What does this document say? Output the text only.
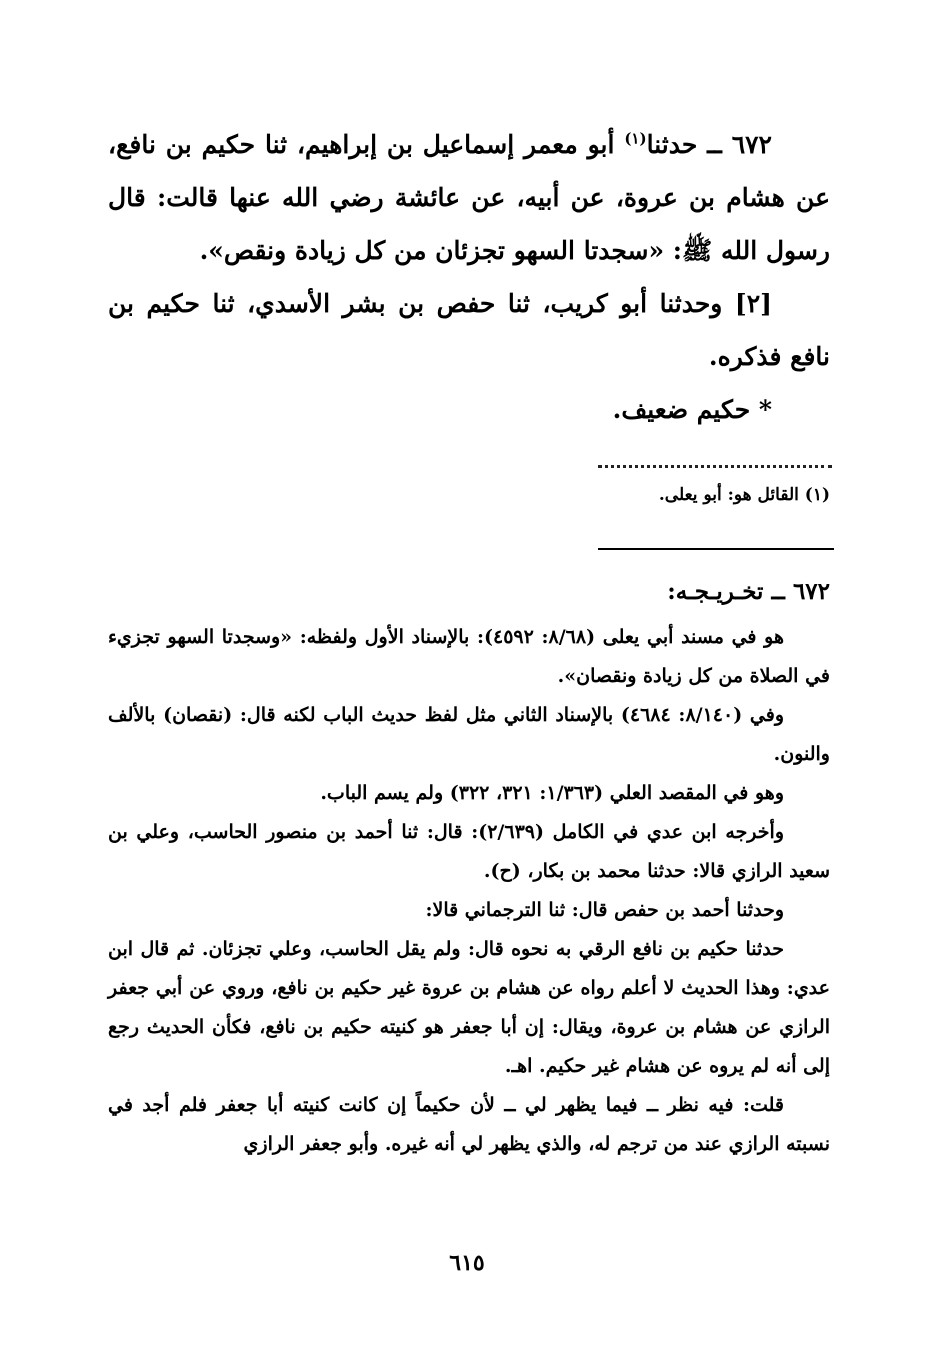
٦٧٢ ــ حدثنا$^{(١)}$ أبو معمر إسماعيل بن إبراهيم، ثنا حكيم بن نافع، عن هشام بن عروة، عن أبيه، عن عائشة رضي الله عنها قالت: قال رسول الله ﷺ: «سجدتا السهو تجزئان من كل زيادة ونقص».

[٢] وحدثنا أبو كريب، ثنا حفص بن بشر الأسدي، ثنا حكيم بن نافع فذكره.

* حكيم ضعيف.

(١) القائل هو: أبو يعلى.
٦٧٢ ــ تخـريـجـه:

هو في مسند أبي يعلى (٨/٦٨: ٤٥٩٢): بالإسناد الأول ولفظه: «وسجدتا السهو تجزيء في الصلاة من كل زيادة ونقصان».

وفي (٨/١٤٠: ٤٦٨٤) بالإسناد الثاني مثل لفظ حديث الباب لكنه قال: (نقصان) بالألف والنون.

وهو في المقصد العلي (١/٣٦٣: ٣٢١، ٣٢٢) ولم يسم الباب.

وأخرجه ابن عدي في الكامل (٢/٦٣٩): قال: ثنا أحمد بن منصور الحاسب، وعلي بن سعيد الرازي قالا: حدثنا محمد بن بكار، (ح).

وحدثنا أحمد بن حفص قال: ثنا الترجماني قالا:

حدثنا حكيم بن نافع الرقي به نحوه قال: ولم يقل الحاسب، وعلي تجزئان. ثم قال ابن عدي: وهذا الحديث لا أعلم رواه عن هشام بن عروة غير حكيم بن نافع، وروي عن أبي جعفر الرازي عن هشام بن عروة، ويقال: إن أبا جعفر هو كنيته حكيم بن نافع، فكأن الحديث رجع إلى أنه لم يروه عن هشام غير حكيم. اهـ.

قلت: فيه نظر ــ فيما يظهر لي ــ لأن حكيماً إن كانت كنيته أبا جعفر فلم أجد في نسبته الرازي عند من ترجم له، والذي يظهر لي أنه غيره. وأبو جعفر الرازي

٦١٥
